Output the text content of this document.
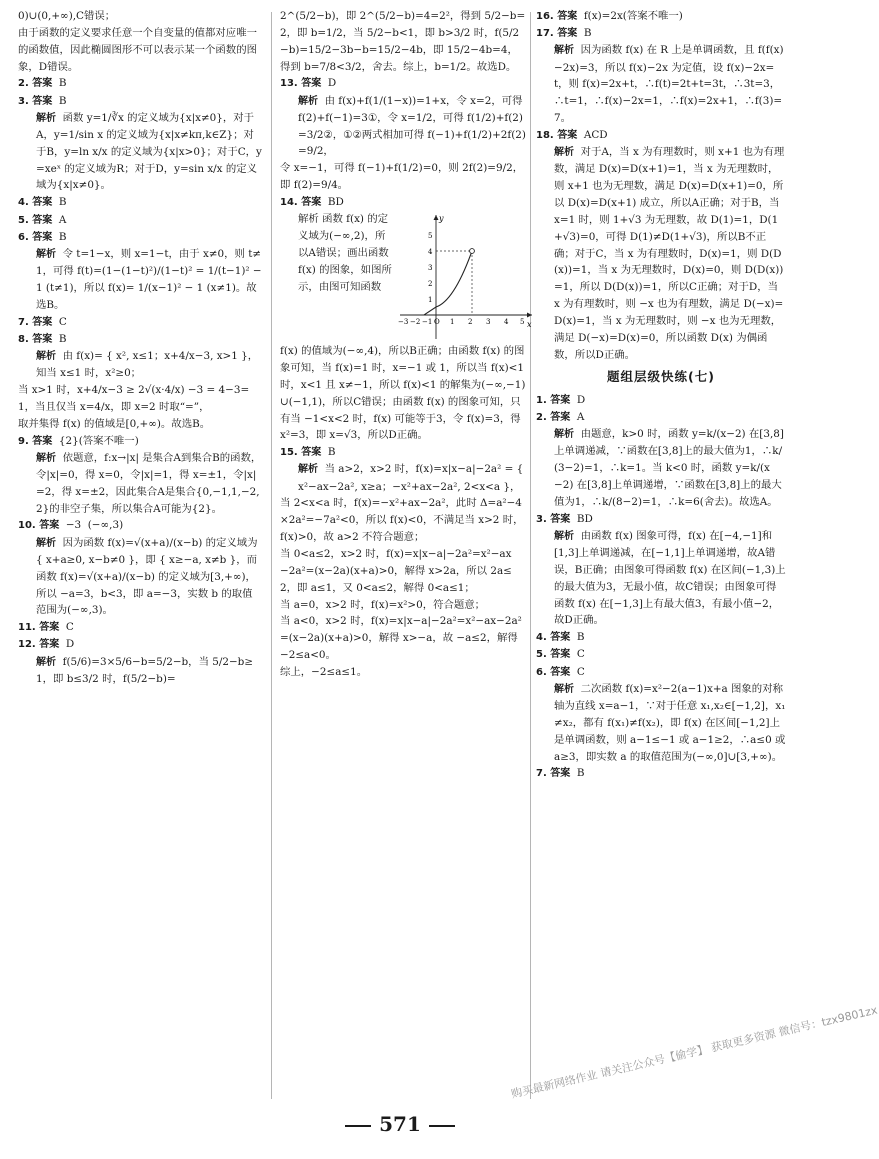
0)∪(0,+∞),C错误；

由于函数的定义要求任意一个自变量的值都对应唯一的函数值，因此椭圆图形不可以表示某一个函数的图象，D错误。

2. 答案 B

3. 答案 B

解析 函数 y=1/∛x 的定义域为{x|x≠0}，对于A，y=1/sin x 的定义域为{x|x≠kπ,k∈Z}；对于B，y=ln x/x 的定义域为{x|x>0}；对于C，y=xeˣ 的定义域为R；对于D，y=sin x/x 的定义域为{x|x≠0}。

4. 答案 B

5. 答案 A

6. 答案 B

解析 令 t=1−x，则 x=1−t，由于 x≠0，则 t≠1，可得 f(t)=(1−(1−t)²)/(1−t)² = 1/(t−1)² − 1 (t≠1)，所以 f(x)= 1/(x−1)² − 1 (x≠1)。故选B。

7. 答案 C

8. 答案 B

解析 由 f(x)= { x², x≤1；x+4/x−3, x>1 }，知当 x≤1 时，x²≥0；

当 x>1 时，x+4/x−3 ≥ 2√(x·4/x) −3 = 4−3=1，当且仅当 x=4/x，即 x=2 时取“=”，

取并集得 f(x) 的值域是[0,+∞)。故选B。

9. 答案 {2}(答案不唯一)

解析 依题意，f:x→|x| 是集合A到集合B的函数，令|x|=0，得 x=0，令|x|=1，得 x=±1，令|x|=2，得 x=±2，因此集合A是集合{0,−1,1,−2,2}的非空子集，所以集合A可能为{2}。

10. 答案 −3  (−∞,3)

解析 因为函数 f(x)=√(x+a)/(x−b) 的定义域为 { x+a≥0, x−b≠0 }，即 { x≥−a, x≠b }，而函数 f(x)=√(x+a)/(x−b) 的定义域为[3,+∞)，所以 −a=3，b<3，即 a=−3，实数 b 的取值范围为(−∞,3)。

11. 答案 C

12. 答案 D

解析 f(5/6)=3×5/6−b=5/2−b，当 5/2−b≥1，即 b≤3/2 时，f(5/2−b)=

2^(5/2−b)，即 2^(5/2−b)=4=2²，得到 5/2−b=2，即 b=1/2，当 5/2−b<1，即 b>3/2 时，f(5/2−b)=15/2−3b−b=15/2−4b，即 15/2−4b=4，得到 b=7/8<3/2，舍去。综上，b=1/2。故选D。

13. 答案 D

解析 由 f(x)+f(1/(1−x))=1+x，令 x=2，可得 f(2)+f(−1)=3①，令 x=1/2，可得 f(1/2)+f(2)=3/2②，①②两式相加可得 f(−1)+f(1/2)+2f(2)=9/2，

令 x=−1，可得 f(−1)+f(1/2)=0，则 2f(2)=9/2，即 f(2)=9/4。

14. 答案 BD

解析 函数 f(x) 的定义域为(−∞,2)，所以A错误；画出函数 f(x) 的图象，如图所示，由图可知函数

y
x
5
4
3
2
1
−3 −2 −1 O 1 2 3 4 5

f(x) 的值域为(−∞,4)，所以B正确；由函数 f(x) 的图象可知，当 f(x)=1 时，x=−1 或 1，所以当 f(x)<1 时，x<1 且 x≠−1，所以 f(x)<1 的解集为(−∞,−1)∪(−1,1)，所以C错误；由函数 f(x) 的图象可知，只有当 −1<x<2 时，f(x) 可能等于3，令 f(x)=3，得 x²=3，即 x=√3，所以D正确。

15. 答案 B

解析 当 a>2，x>2 时，f(x)=x|x−a|−2a² = { x²−ax−2a², x≥a；−x²+ax−2a², 2<x<a }，

当 2<x<a 时，f(x)=−x²+ax−2a²，此时 Δ=a²−4×2a²=−7a²<0，所以 f(x)<0，不满足当 x>2 时，f(x)>0，故 a>2 不符合题意；

当 0<a≤2，x>2 时，f(x)=x|x−a|−2a²=x²−ax−2a²=(x−2a)(x+a)>0，解得 x>2a，所以 2a≤2，即 a≤1，又 0<a≤2，解得 0<a≤1；

当 a=0，x>2 时，f(x)=x²>0，符合题意；

当 a<0，x>2 时，f(x)=x|x−a|−2a²=x²−ax−2a²=(x−2a)(x+a)>0，解得 x>−a，故 −a≤2，解得 −2≤a<0。

综上，−2≤a≤1。

16. 答案 f(x)=2x(答案不唯一)

17. 答案 B

解析 因为函数 f(x) 在 R 上是单调函数，且 f(f(x)−2x)=3，所以 f(x)−2x 为定值，设 f(x)−2x=t，则 f(x)=2x+t，∴f(t)=2t+t=3t，∴3t=3，∴t=1，∴f(x)−2x=1，∴f(x)=2x+1，∴f(3)=7。

18. 答案 ACD

解析 对于A，当 x 为有理数时，则 x+1 也为有理数，满足 D(x)=D(x+1)=1，当 x 为无理数时，则 x+1 也为无理数，满足 D(x)=D(x+1)=0，所以 D(x)=D(x+1) 成立，所以A正确；对于B，当 x=1 时，则 1+√3 为无理数，故 D(1)=1，D(1+√3)=0，可得 D(1)≠D(1+√3)，所以B不正确；对于C，当 x 为有理数时，D(x)=1，则 D(D(x))=1，当 x 为无理数时，D(x)=0，则 D(D(x))=1，所以 D(D(x))=1，所以C正确；对于D，当 x 为有理数时，则 −x 也为有理数，满足 D(−x)=D(x)=1，当 x 为无理数时，则 −x 也为无理数，满足 D(−x)=D(x)=0，所以函数 D(x) 为偶函数，所以D正确。

题组层级快练(七)

1. 答案 D

2. 答案 A

解析 由题意，k>0 时，函数 y=k/(x−2) 在[3,8]上单调递减，∵函数在[3,8]上的最大值为1，∴k/(3−2)=1，∴k=1。当 k<0 时，函数 y=k/(x−2) 在[3,8]上单调递增，∵函数在[3,8]上的最大值为1，∴k/(8−2)=1，∴k=6(舍去)。故选A。

3. 答案 BD

解析 由函数 f(x) 图象可得，f(x) 在[−4,−1]和[1,3]上单调递减，在[−1,1]上单调递增，故A错误，B正确；由图象可得函数 f(x) 在区间(−1,3)上的最大值为3，无最小值，故C错误；由图象可得函数 f(x) 在[−1,3]上有最大值3，有最小值−2，故D正确。

4. 答案 B

5. 答案 C

6. 答案 C

解析 二次函数 f(x)=x²−2(a−1)x+a 图象的对称轴为直线 x=a−1，∵对于任意 x₁,x₂∈[−1,2]，x₁≠x₂，都有 f(x₁)≠f(x₂)，即 f(x) 在区间[−1,2]上是单调函数，则 a−1≤−1 或 a−1≥2，∴a≤0 或 a≥3，即实数 a 的取值范围为(−∞,0]∪[3,+∞)。

7. 答案 B

571
购买最新网络作业 请关注公众号【偷学】 获取更多资源 微信号：tzx9801zx
